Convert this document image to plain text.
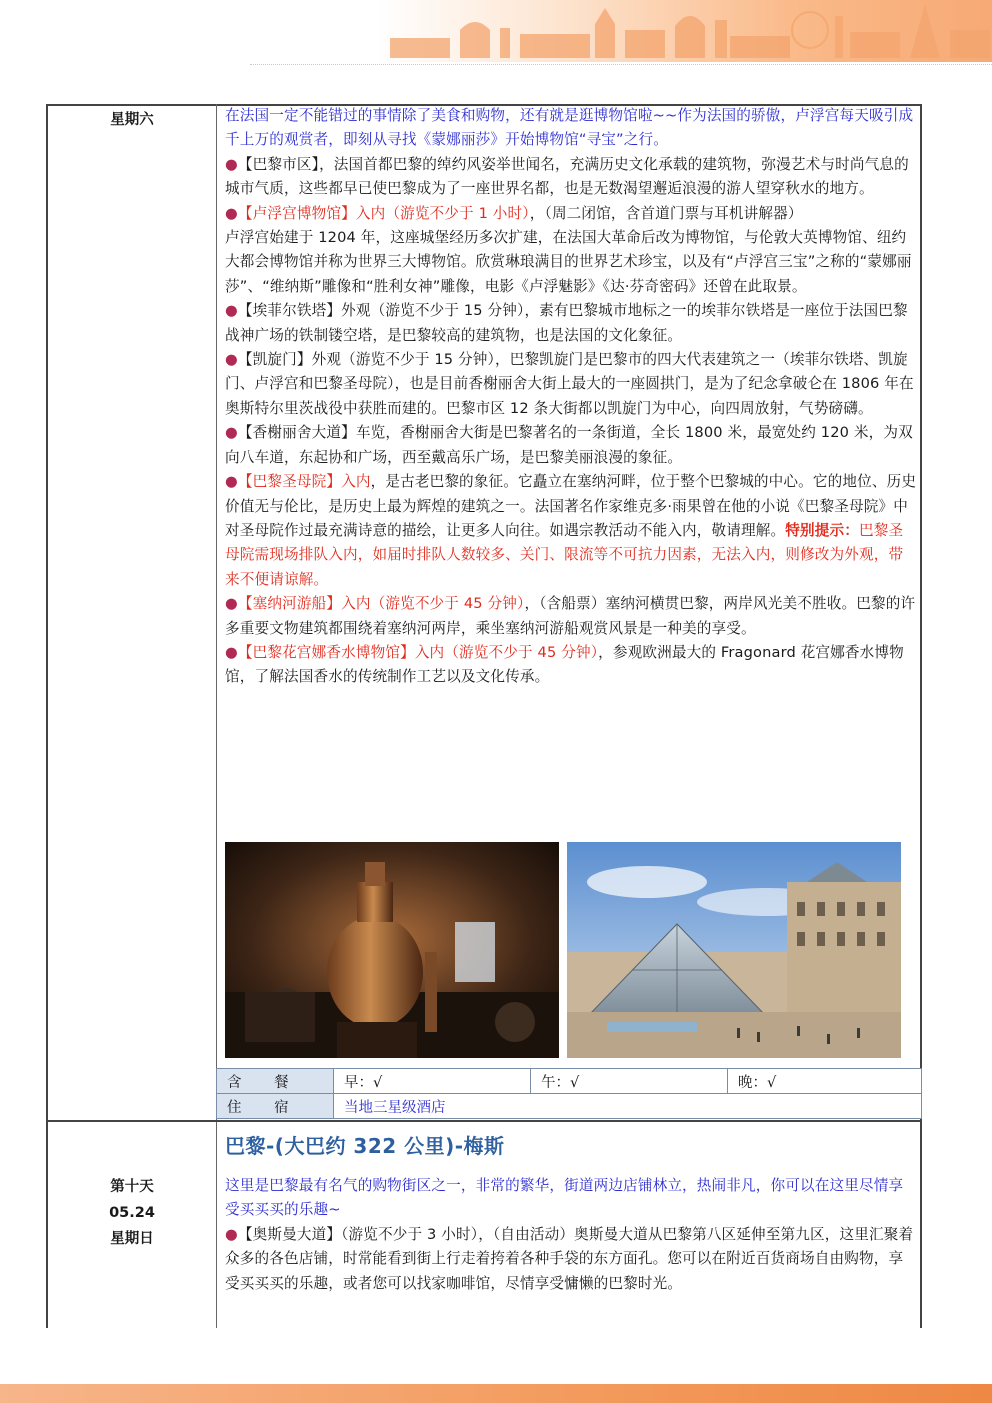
星期六	在法国一定不能错过的事情除了美食和购物，还有就是逛博物馆啦~~作为法国的骄傲，卢浮宫每天吸引成千上万的观赏者，即刻从寻找《蒙娜丽莎》开始博物馆“寻宝”之行。

●【巴黎市区】，法国首都巴黎的绰约风姿举世闻名，充满历史文化承载的建筑物，弥漫艺术与时尚气息的城市气质，这些都早已使巴黎成为了一座世界名都，也是无数渴望邂逅浪漫的游人望穿秋水的地方。

●【卢浮宫博物馆】入内（游览不少于 1 小时），（周二闭馆，含首道门票与耳机讲解器）
卢浮宫始建于 1204 年，这座城堡经历多次扩建，在法国大革命后改为博物馆，与伦敦大英博物馆、纽约大都会博物馆并称为世界三大博物馆。欣赏琳琅满目的世界艺术珍宝，以及有“卢浮宫三宝”之称的“蒙娜丽莎”、“维纳斯”雕像和“胜利女神”雕像，电影《卢浮魅影》《达·芬奇密码》还曾在此取景。

●【埃菲尔铁塔】外观（游览不少于 15 分钟），素有巴黎城市地标之一的埃菲尔铁塔是一座位于法国巴黎战神广场的铁制镂空塔，是巴黎较高的建筑物，也是法国的文化象征。

●【凯旋门】外观（游览不少于 15 分钟），巴黎凯旋门是巴黎市的四大代表建筑之一（埃菲尔铁塔、凯旋门、卢浮宫和巴黎圣母院），也是目前香榭丽舍大街上最大的一座圆拱门，是为了纪念拿破仑在 1806 年在奥斯特尔里茨战役中获胜而建的。巴黎市区 12 条大街都以凯旋门为中心，向四周放射，气势磅礴。

●【香榭丽舍大道】车览，香榭丽舍大街是巴黎著名的一条街道，全长 1800 米，最宽处约 120 米，为双向八车道，东起协和广场，西至戴高乐广场，是巴黎美丽浪漫的象征。

●【巴黎圣母院】入内，是古老巴黎的象征。它矗立在塞纳河畔，位于整个巴黎城的中心。它的地位、历史价值无与伦比，是历史上最为辉煌的建筑之一。法国著名作家维克多·雨果曾在他的小说《巴黎圣母院》中对圣母院作过最充满诗意的描绘，让更多人向往。如遇宗教活动不能入内，敬请理解。特别提示：巴黎圣母院需现场排队入内，如届时排队人数较多、关门、限流等不可抗力因素，无法入内，则修改为外观，带来不便请谅解。

●【塞纳河游船】入内（游览不少于 45 分钟），（含船票）塞纳河横贯巴黎，两岸风光美不胜收。巴黎的许多重要文物建筑都围绕着塞纳河两岸，乘坐塞纳河游船观赏风景是一种美的享受。

●【巴黎花宫娜香水博物馆】入内（游览不少于 45 分钟），参观欧洲最大的 Fragonard 花宫娜香水博物馆，了解法国香水的传统制作工艺以及文化传承。

含 餐	早：√	午：√	晚：√
住 宿	当地三星级酒店		
第十天
05.24
星期日
巴黎-(大巴约 322 公里)-梅斯

这里是巴黎最有名气的购物街区之一，非常的繁华，街道两边店铺林立，热闹非凡，你可以在这里尽情享受买买买的乐趣~

●【奥斯曼大道】（游览不少于 3 小时），（自由活动）奥斯曼大道从巴黎第八区延伸至第九区，这里汇聚着众多的各色店铺，时常能看到街上行走着挎着各种手袋的东方面孔。您可以在附近百货商场自由购物，享受买买买的乐趣，或者您可以找家咖啡馆，尽情享受慵懒的巴黎时光。
